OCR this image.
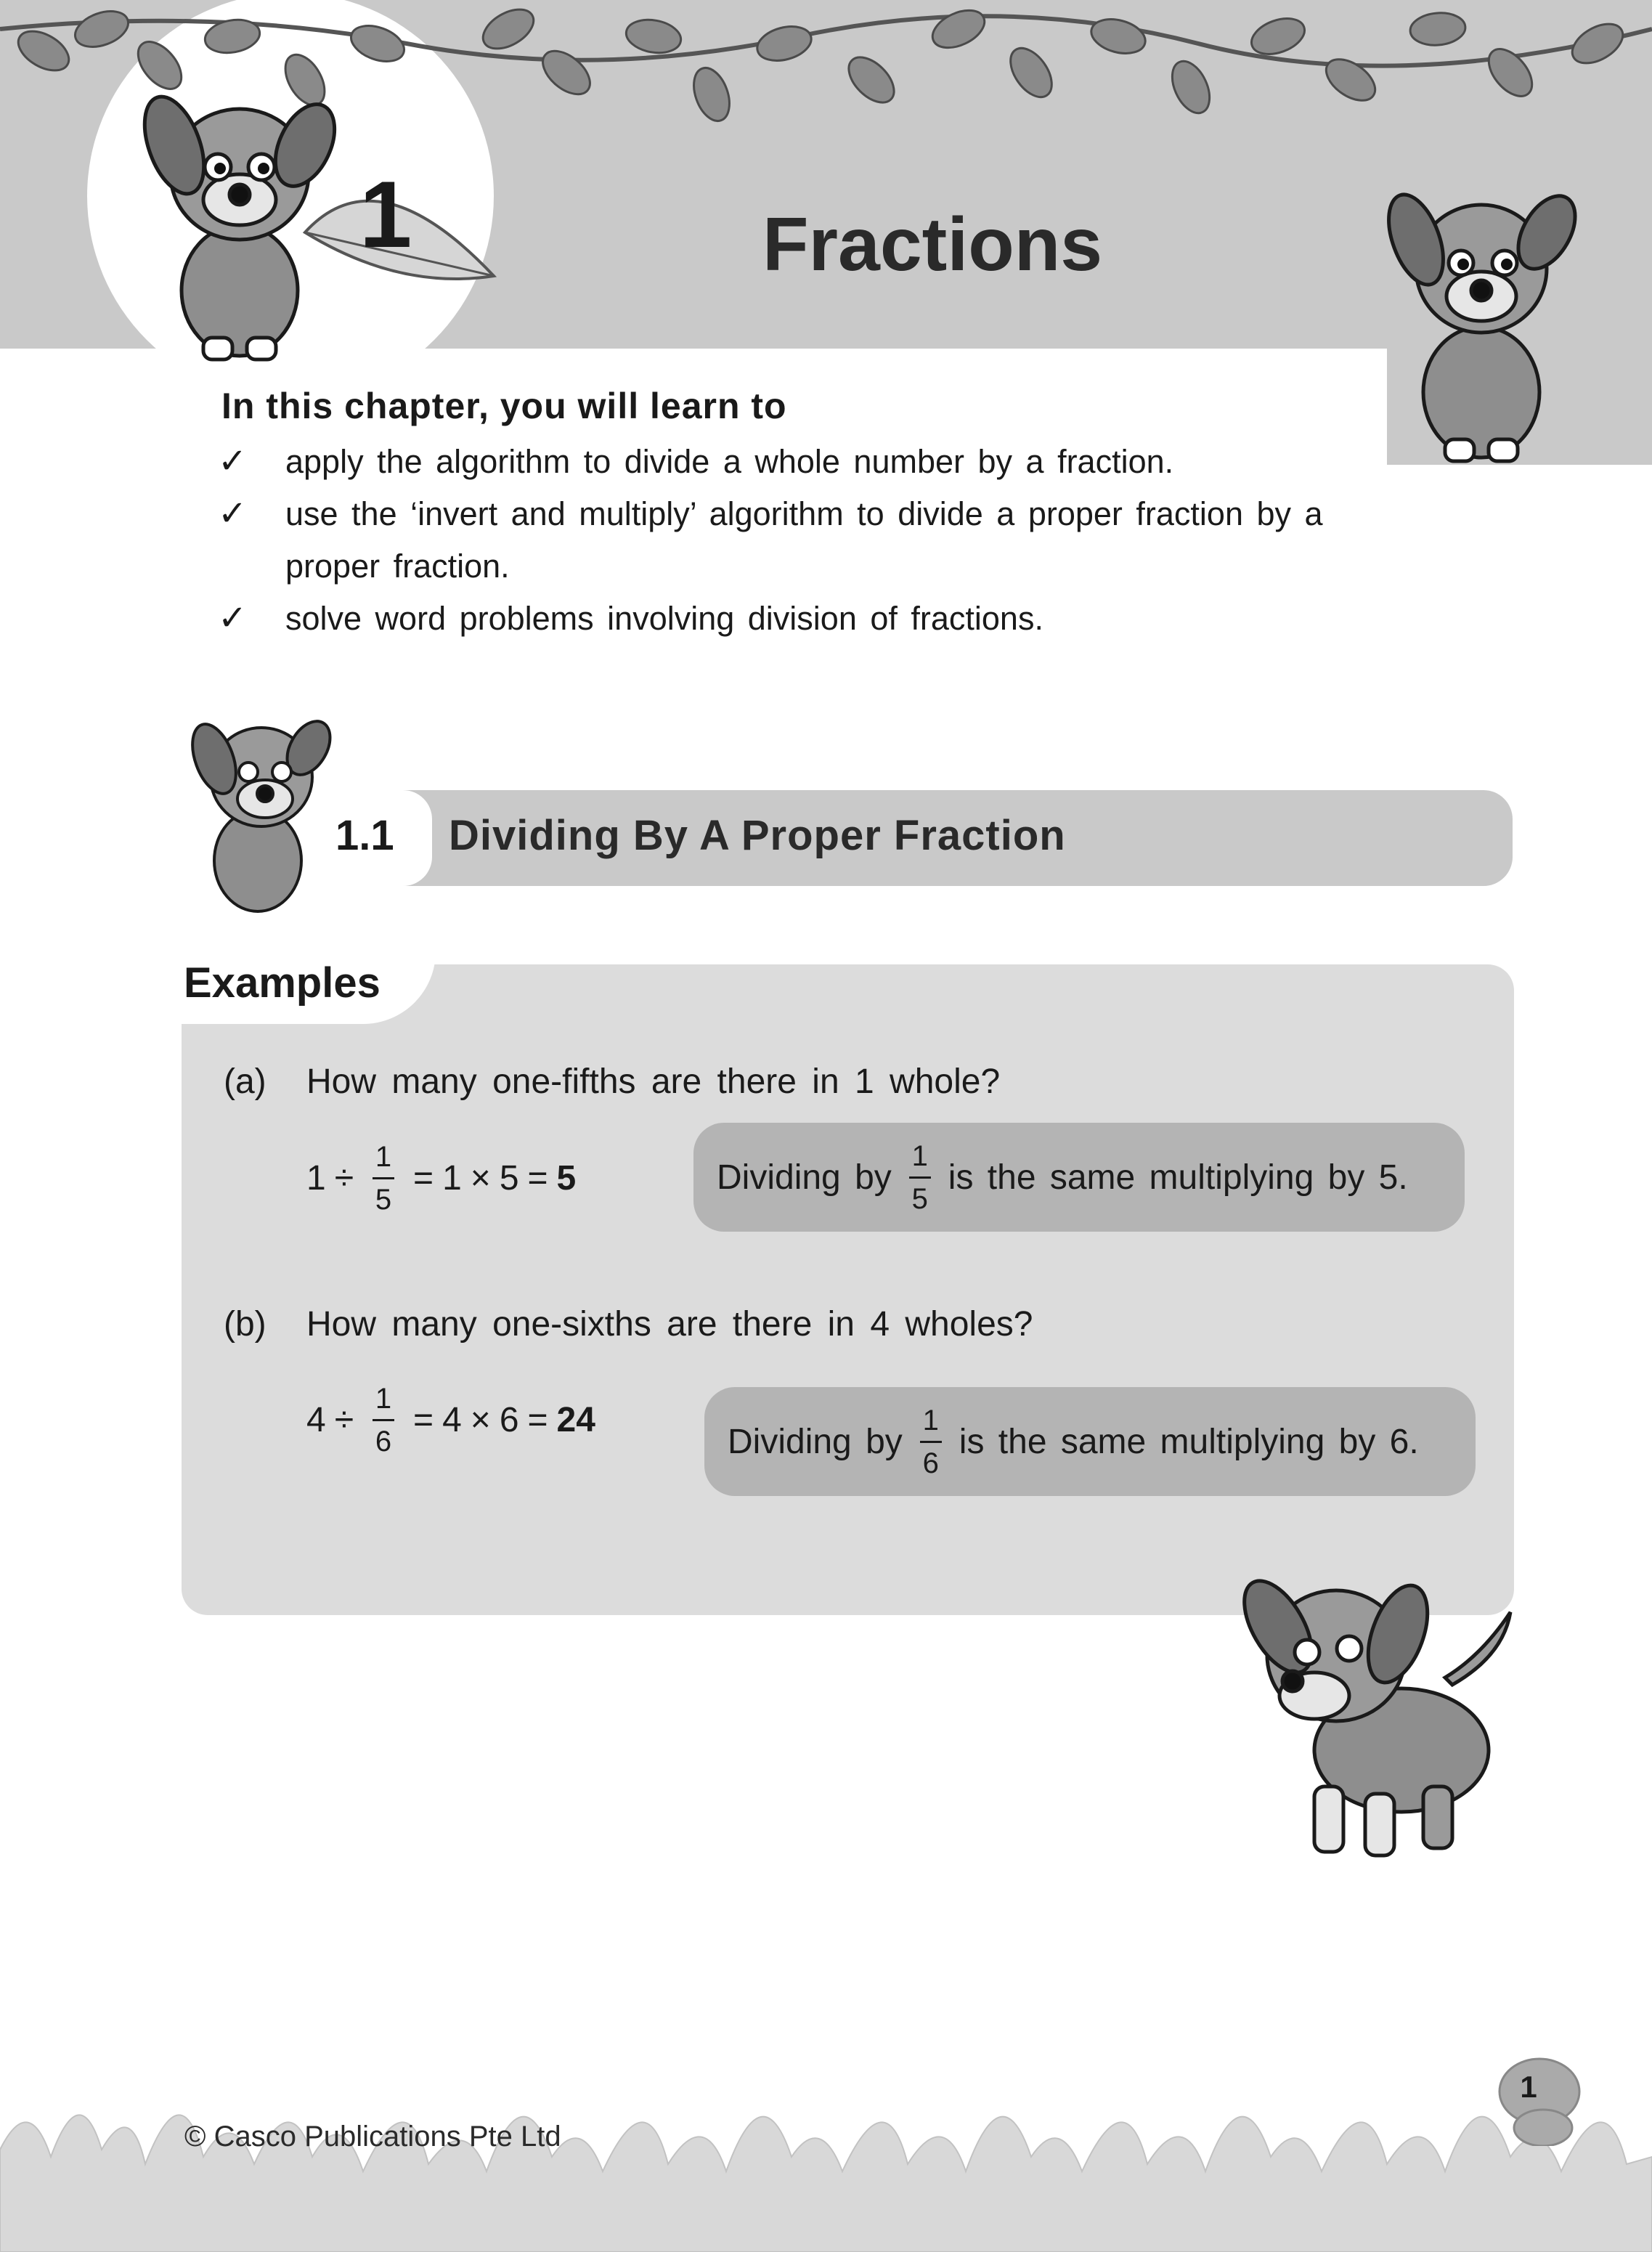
1	Fractions
In this chapter, you will learn to
✓ apply the algorithm to divide a whole number by a fraction.
✓ use the ‘invert and multiply’ algorithm to divide a proper fraction by a proper fraction.
✓ solve word problems involving division of fractions.
1.1 Dividing By A Proper Fraction
Examples
(a) How many one-fifths are there in 1 whole?
$1 \div \frac{1}{5} = 1 \times 5 = 5$	Dividing by $\frac{1}{5}$ is the same multiplying by 5.
(b) How many one-sixths are there in 4 wholes?
$4 \div \frac{1}{6} = 4 \times 6 = 24$
Dividing by $\frac{1}{6}$ is the same multiplying by 6.
1
© Casco Publications Pte Ltd
